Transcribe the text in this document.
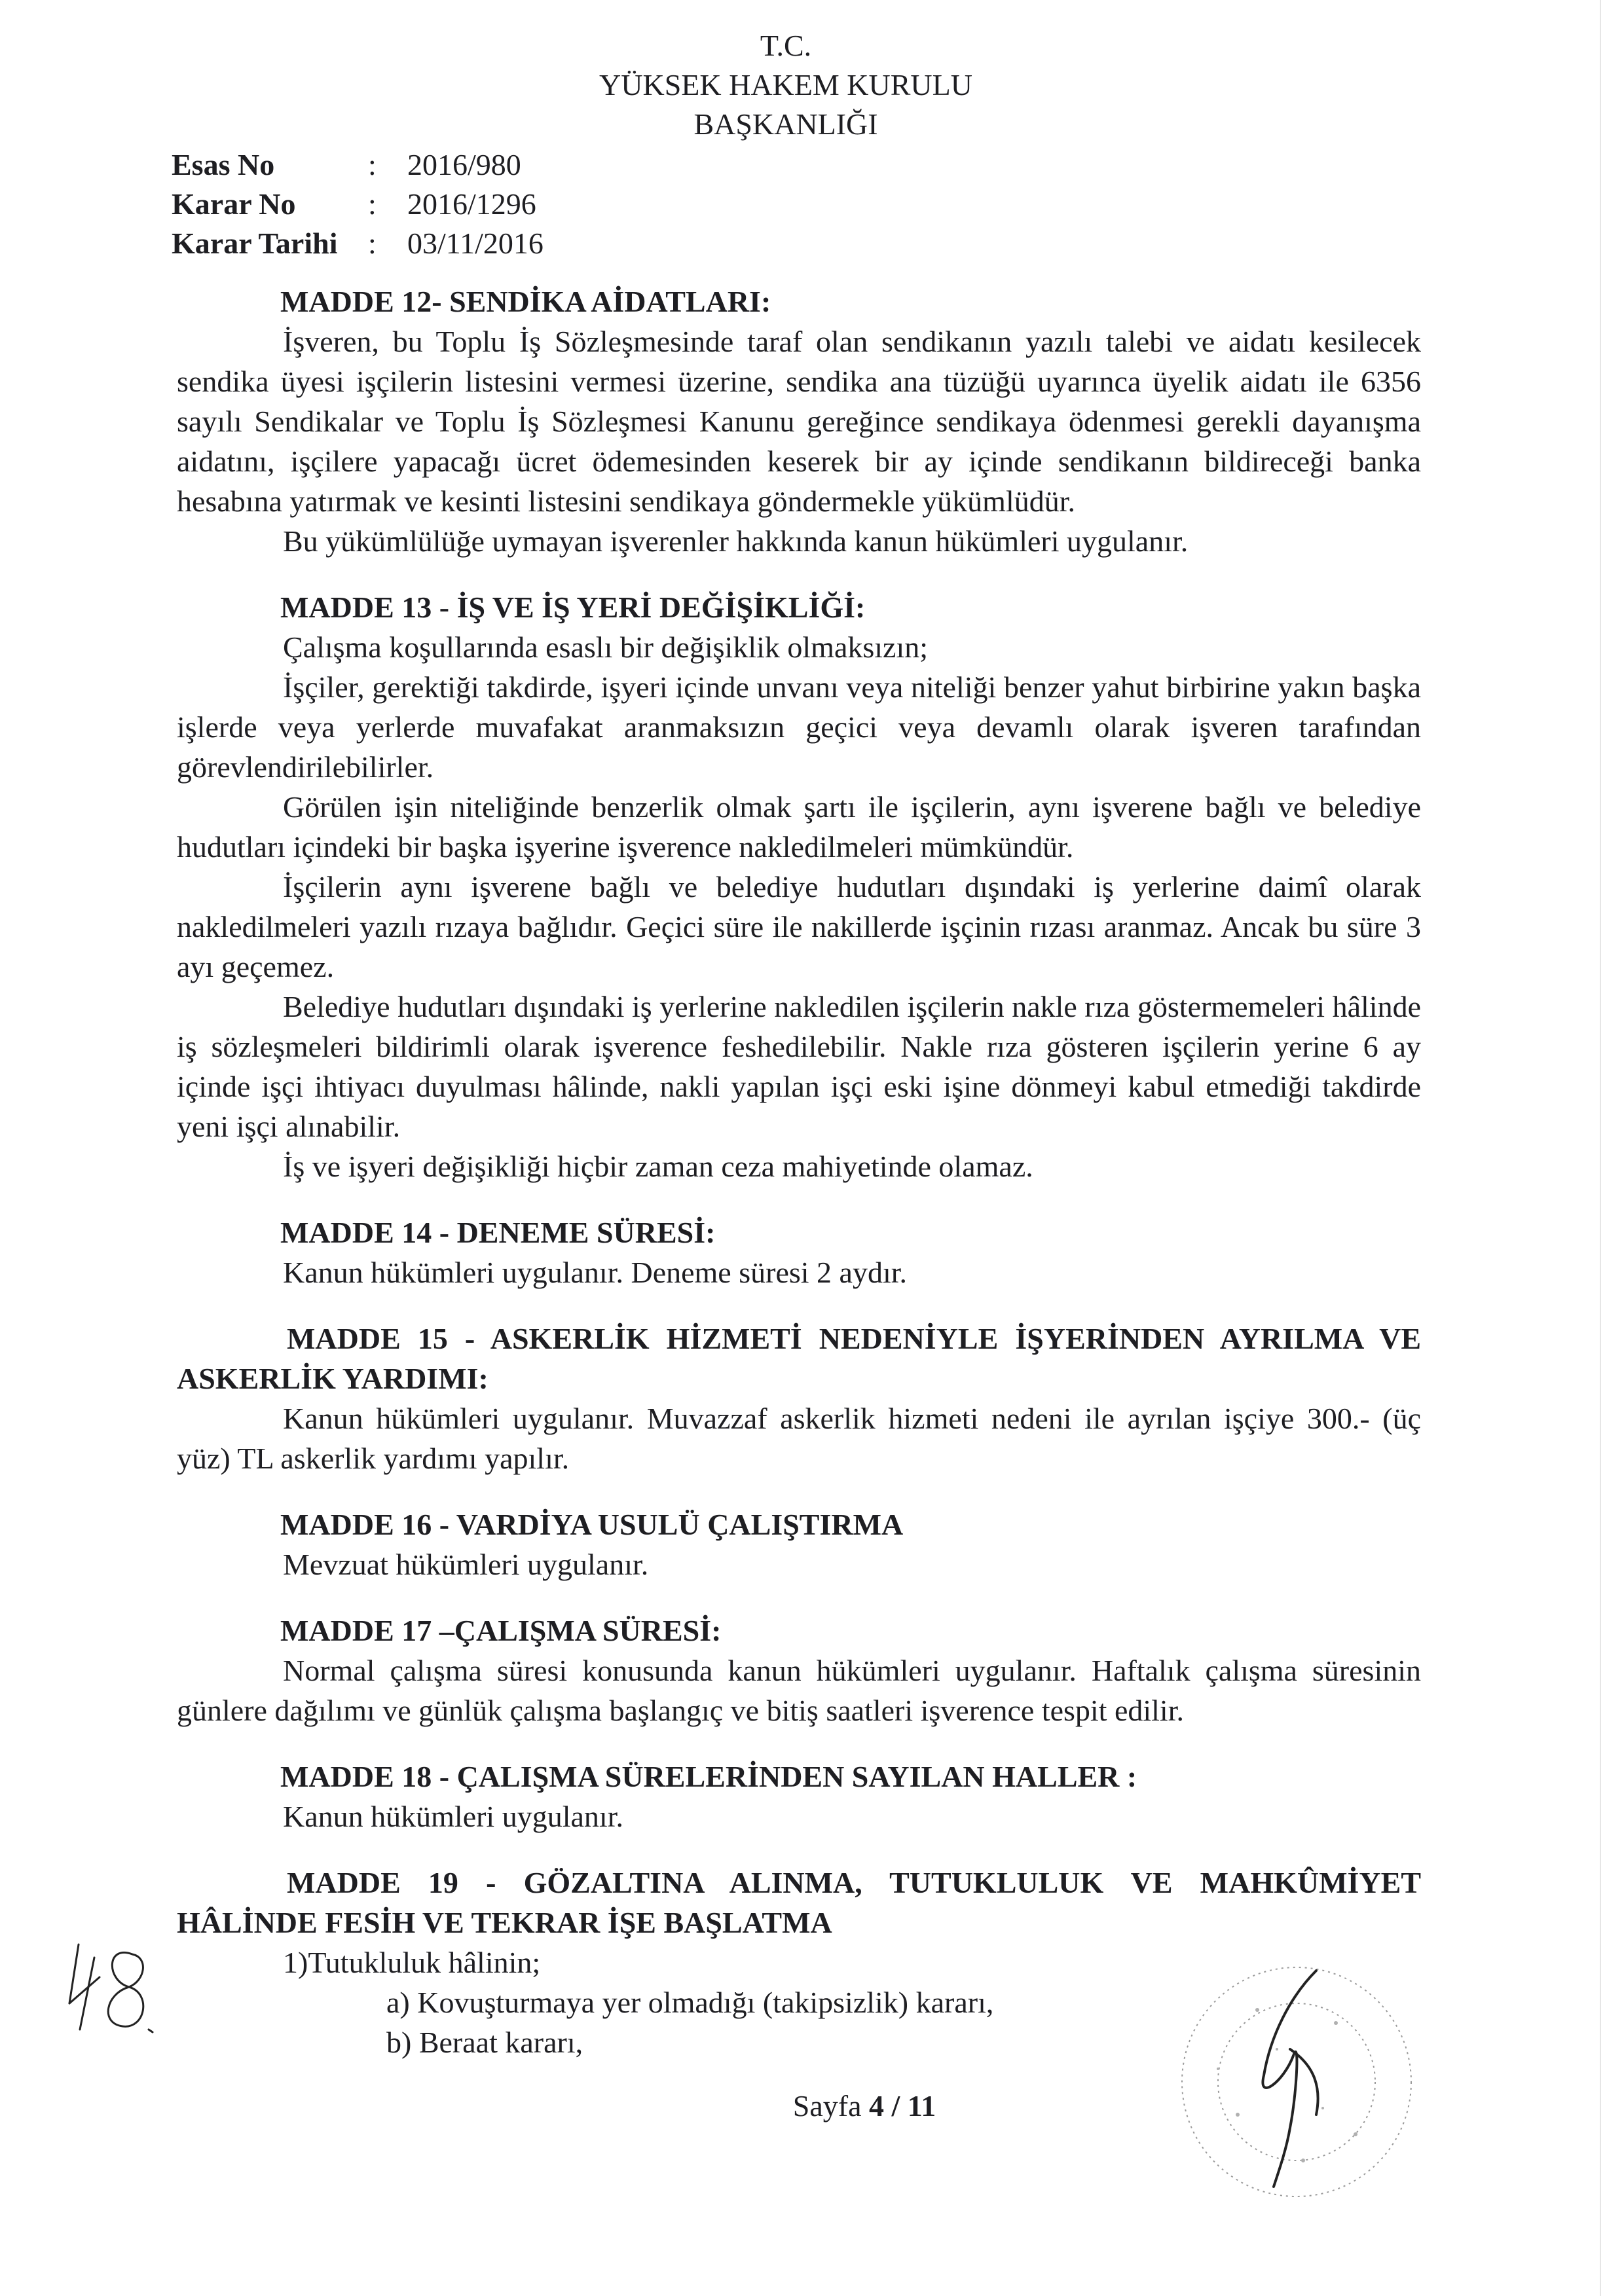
T.C.
YÜKSEK HAKEM KURULU
BAŞKANLIĞI
Esas No	:	2016/980
Karar No	:	2016/1296
Karar Tarihi	:	03/11/2016
MADDE 12- SENDİKA AİDATLARI:

İşveren, bu Toplu İş Sözleşmesinde taraf olan sendikanın yazılı talebi ve aidatı kesilecek sendika üyesi işçilerin listesini vermesi üzerine, sendika ana tüzüğü uyarınca üyelik aidatı ile 6356 sayılı Sendikalar ve Toplu İş Sözleşmesi Kanunu gereğince sendikaya ödenmesi gerekli dayanışma aidatını, işçilere yapacağı ücret ödemesinden keserek bir ay içinde sendikanın bildireceği banka hesabına yatırmak ve kesinti listesini sendikaya göndermekle yükümlüdür.

Bu yükümlülüğe uymayan işverenler hakkında kanun hükümleri uygulanır.

MADDE 13 - İŞ VE İŞ YERİ DEĞİŞİKLİĞİ:

Çalışma koşullarında esaslı bir değişiklik olmaksızın;

İşçiler, gerektiği takdirde, işyeri içinde unvanı veya niteliği benzer yahut birbirine yakın başka işlerde veya yerlerde muvafakat aranmaksızın geçici veya devamlı olarak işveren tarafından görevlendirilebilirler.

Görülen işin niteliğinde benzerlik olmak şartı ile işçilerin, aynı işverene bağlı ve belediye hudutları içindeki bir başka işyerine işverence nakledilmeleri mümkündür.

İşçilerin aynı işverene bağlı ve belediye hudutları dışındaki iş yerlerine daimî olarak nakledilmeleri yazılı rızaya bağlıdır. Geçici süre ile nakillerde işçinin rızası aranmaz. Ancak bu süre 3 ayı geçemez.

Belediye hudutları dışındaki iş yerlerine nakledilen işçilerin nakle rıza göstermemeleri hâlinde iş sözleşmeleri bildirimli olarak işverence feshedilebilir. Nakle rıza gösteren işçilerin yerine 6 ay içinde işçi ihtiyacı duyulması hâlinde, nakli yapılan işçi eski işine dönmeyi kabul etmediği takdirde yeni işçi alınabilir.

İş ve işyeri değişikliği hiçbir zaman ceza mahiyetinde olamaz.

MADDE 14 - DENEME SÜRESİ:

Kanun hükümleri uygulanır. Deneme süresi 2 aydır.

MADDE 15 - ASKERLİK HİZMETİ NEDENİYLE İŞYERİNDEN AYRILMA VE ASKERLİK YARDIMI:

Kanun hükümleri uygulanır. Muvazzaf askerlik hizmeti nedeni ile ayrılan işçiye 300.- (üç yüz) TL askerlik yardımı yapılır.

MADDE 16 - VARDİYA USULÜ ÇALIŞTIRMA

Mevzuat hükümleri uygulanır.

MADDE 17 –ÇALIŞMA SÜRESİ:

Normal çalışma süresi konusunda kanun hükümleri uygulanır. Haftalık çalışma süresinin günlere dağılımı ve günlük çalışma başlangıç ve bitiş saatleri işverence tespit edilir.

MADDE 18 - ÇALIŞMA SÜRELERİNDEN SAYILAN HALLER :

Kanun hükümleri uygulanır.

MADDE 19 - GÖZALTINA ALINMA, TUTUKLULUK VE MAHKÛMİYET HÂLİNDE FESİH VE TEKRAR İŞE BAŞLATMA

1)Tutukluluk hâlinin;

a) Kovuşturmaya yer olmadığı (takipsizlik) kararı,
b) Beraat kararı,
Sayfa 4 / 11
